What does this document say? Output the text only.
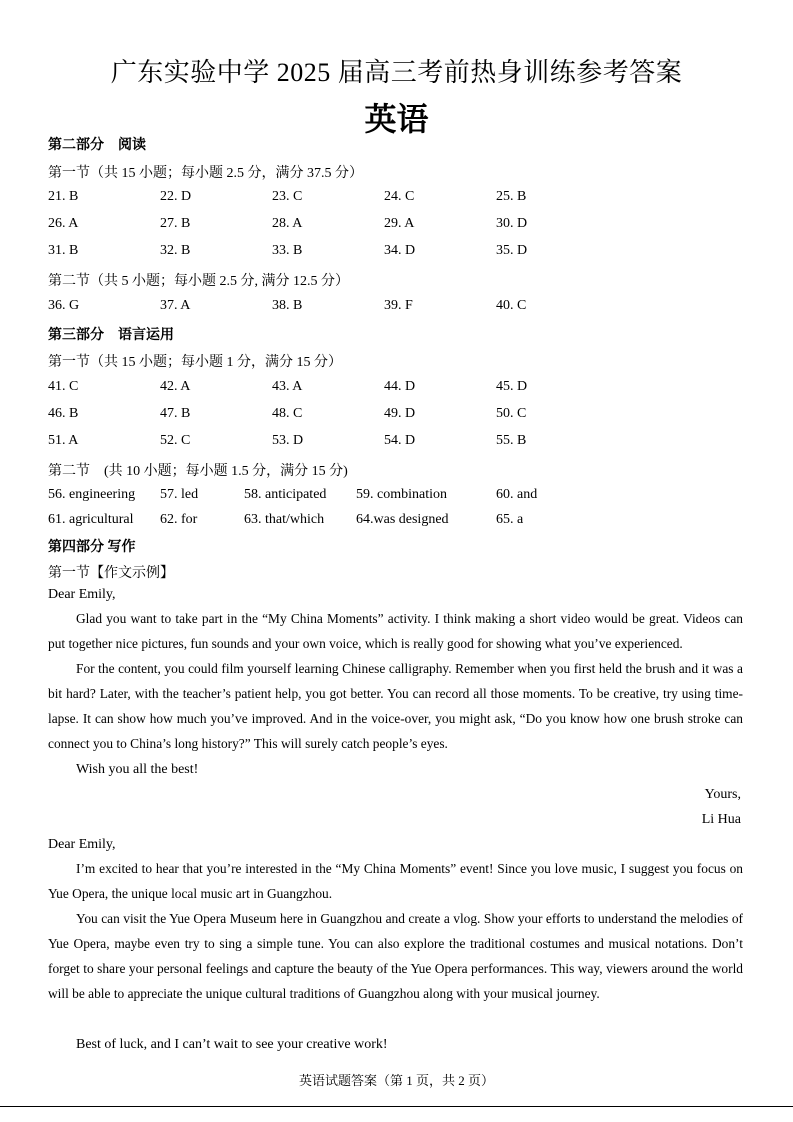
广东实验中学 2025 届高三考前热身训练参考答案
英语
第二部分　阅读
第一节（共 15 小题；每小题 2.5 分，满分 37.5 分）
21. B	22. D	23. C	24. C	25. B
26. A	27. B	28. A	29. A	30. D
31. B	32. B	33. B	34. D	35. D
第二节（共 5 小题；每小题 2.5 分, 满分 12.5 分）
36. G	37. A	38. B	39. F	40. C
第三部分　语言运用
第一节（共 15 小题；每小题 1 分，满分 15 分）
41. C	42. A	43. A	44. D	45. D
46. B	47. B	48. C	49. D	50. C
51. A	52. C	53. D	54. D	55. B
第二节　(共 10 小题；每小题 1.5 分，满分 15 分)
56. engineering 57. led	58. anticipated 59. combination	60. and
61. agricultural 62. for	63. that/which 64.was designed	65. a
第四部分 写作
第一节【作文示例】
Dear Emily,

Glad you want to take part in the “My China Moments” activity. I think making a short video would be great. Videos can put together nice pictures, fun sounds and your own voice, which is really good for showing what you’ve experienced.

For the content, you could film yourself learning Chinese calligraphy. Remember when you first held the brush and it was a bit hard? Later, with the teacher’s patient help, you got better. You can record all those moments. To be creative, try using time-lapse. It can show how much you’ve improved. And in the voice-over, you might ask, “Do you know how one brush stroke can connect you to China’s long history?” This will surely catch people’s eyes.

Wish you all the best!
Yours,
Li Hua
Dear Emily,

I’m excited to hear that you’re interested in the “My China Moments” event! Since you love music, I suggest you focus on Yue Opera, the unique local music art in Guangzhou.

You can visit the Yue Opera Museum here in Guangzhou and create a vlog. Show your efforts to understand the melodies of Yue Opera, maybe even try to sing a simple tune. You can also explore the traditional costumes and musical notations. Don’t forget to share your personal feelings and capture the beauty of the Yue Opera performances. This way, viewers around the world will be able to appreciate the unique cultural traditions of Guangzhou along with your musical journey.

Best of luck, and I can’t wait to see your creative work!
英语试题答案（第 1 页，共 2 页）
